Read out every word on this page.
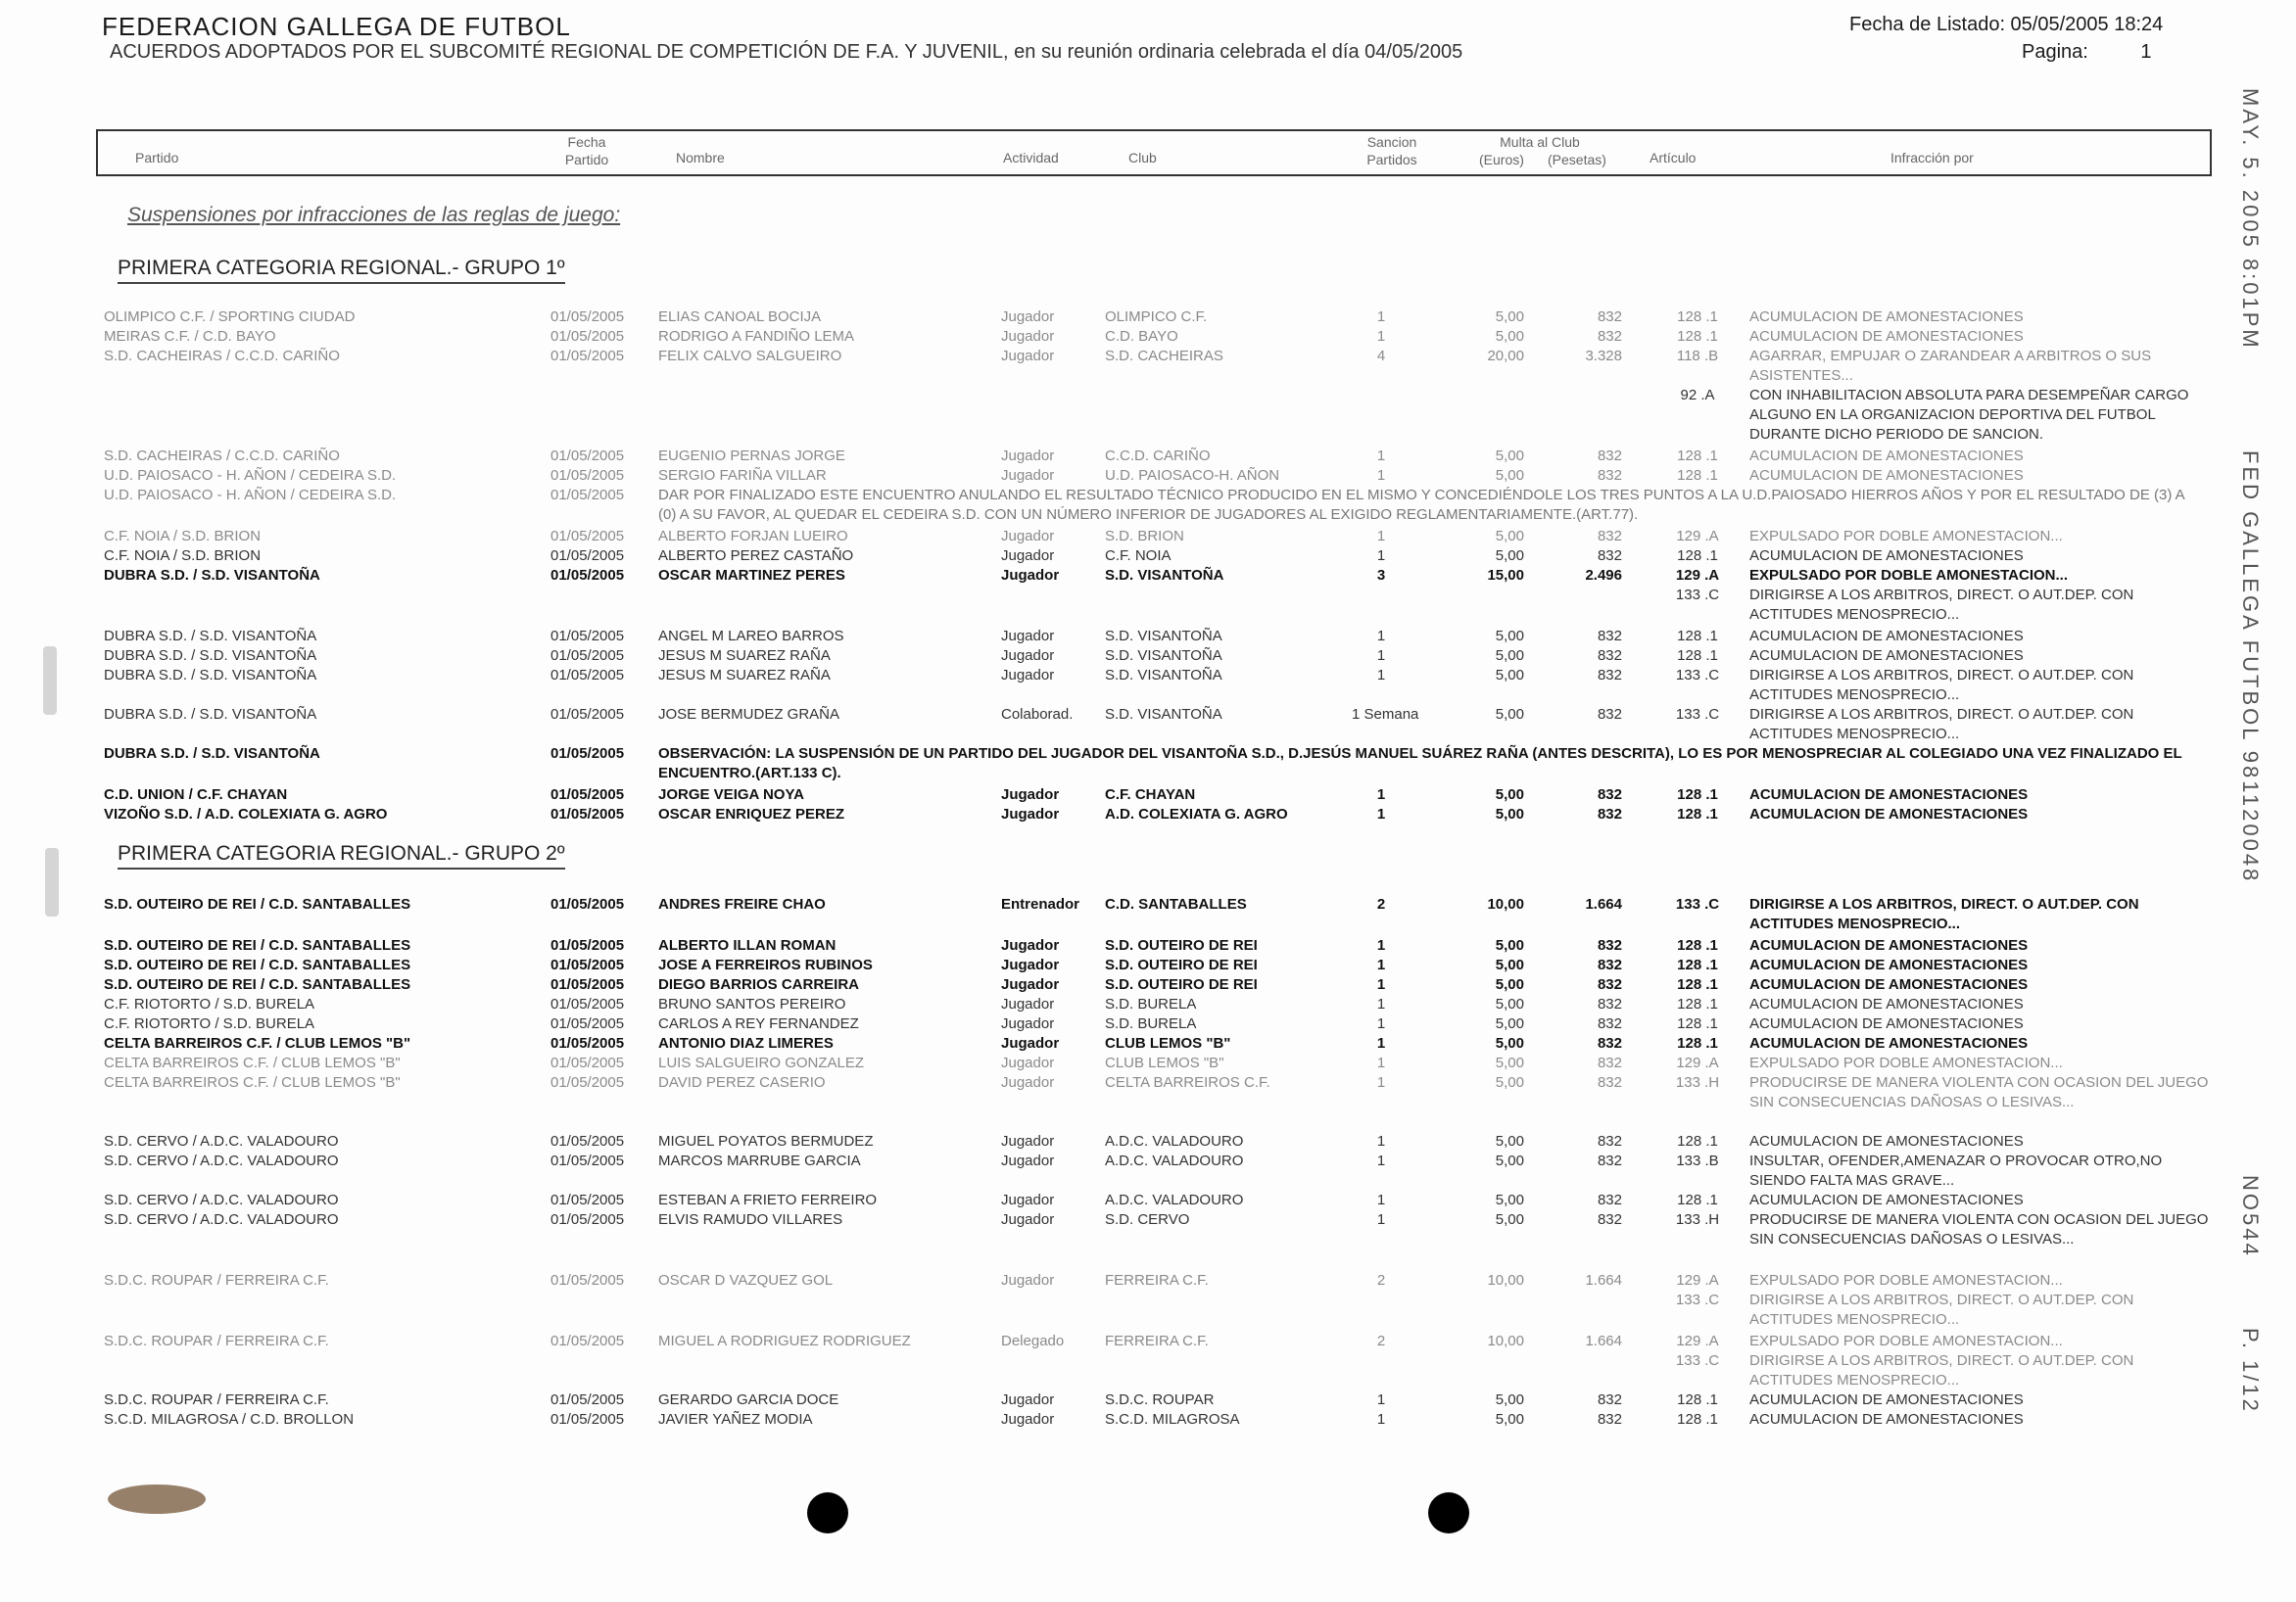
FEDERACION GALLEGA DE FUTBOL
ACUERDOS ADOPTADOS POR EL SUBCOMITÉ REGIONAL DE COMPETICIÓN DE F.A. Y JUVENIL, en su reunión ordinaria celebrada el día 04/05/2005
Fecha de Listado: 05/05/2005 18:24
Pagina:	1
Partido
Fecha Partido	Nombre	Actividad	Club
Sancion Partidos
Multa al Club
(Euros) (Pesetas)	Artículo	Infracción por
Suspensiones por infracciones de las reglas de juego:
PRIMERA CATEGORIA REGIONAL.- GRUPO 1º
OLIMPICO C.F. / SPORTING CIUDAD	01/05/2005 ELIAS CANOAL BOCIJA	Jugador	OLIMPICO C.F.	1	5,00	832	128 .1	ACUMULACION DE AMONESTACIONES
MEIRAS C.F. / C.D. BAYO	01/05/2005 RODRIGO A FANDIÑO LEMA	Jugador	C.D. BAYO	1	5,00	832	128 .1	ACUMULACION DE AMONESTACIONES
S.D. CACHEIRAS / C.C.D. CARIÑO	01/05/2005 FELIX CALVO SALGUEIRO	Jugador	S.D. CACHEIRAS	4	20,00	3.328	118 .B	AGARRAR, EMPUJAR O ZARANDEAR A ARBITROS O SUS ASISTENTES...
92 .A	CON INHABILITACION ABSOLUTA PARA DESEMPEÑAR CARGO ALGUNO EN LA ORGANIZACION DEPORTIVA DEL FUTBOL DURANTE DICHO PERIODO DE SANCION.
S.D. CACHEIRAS / C.C.D. CARIÑO	01/05/2005 EUGENIO PERNAS JORGE	Jugador	C.C.D. CARIÑO	1	5,00	832	128 .1	ACUMULACION DE AMONESTACIONES
U.D. PAIOSACO - H. AÑON / CEDEIRA S.D.	01/05/2005 SERGIO FARIÑA VILLAR	Jugador	U.D. PAIOSACO-H. AÑON	1	5,00	832	128 .1	ACUMULACION DE AMONESTACIONES
U.D. PAIOSACO - H. AÑON / CEDEIRA S.D.	01/05/2005 DAR POR FINALIZADO ESTE ENCUENTRO ANULANDO EL RESULTADO TÉCNICO PRODUCIDO EN EL MISMO Y CONCEDIÉNDOLE LOS TRES PUNTOS A LA U.D.PAIOSADO HIERROS AÑOS Y POR EL RESULTADO DE (3) A (0) A SU FAVOR, AL QUEDAR EL CEDEIRA S.D. CON UN NÚMERO INFERIOR DE JUGADORES AL EXIGIDO REGLAMENTARIAMENTE.(ART.77).
C.F. NOIA / S.D. BRION	01/05/2005 ALBERTO FORJAN LUEIRO	Jugador	S.D. BRION	1	5,00	832	129 .A	EXPULSADO POR DOBLE AMONESTACION...
C.F. NOIA / S.D. BRION	01/05/2005 ALBERTO PEREZ CASTAÑO	Jugador	C.F. NOIA	1	5,00	832	128 .1	ACUMULACION DE AMONESTACIONES
DUBRA S.D. / S.D. VISANTOÑA	01/05/2005 OSCAR MARTINEZ PERES	Jugador	S.D. VISANTOÑA	3	15,00	2.496	129 .A	EXPULSADO POR DOBLE AMONESTACION...
133 .C	DIRIGIRSE A LOS ARBITROS, DIRECT. O AUT.DEP. CON ACTITUDES MENOSPRECIO...
DUBRA S.D. / S.D. VISANTOÑA	01/05/2005 ANGEL M LAREO BARROS	Jugador	S.D. VISANTOÑA	1	5,00	832	128 .1	ACUMULACION DE AMONESTACIONES
DUBRA S.D. / S.D. VISANTOÑA	01/05/2005 JESUS M SUAREZ RAÑA	Jugador	S.D. VISANTOÑA	1	5,00	832	128 .1	ACUMULACION DE AMONESTACIONES
DUBRA S.D. / S.D. VISANTOÑA	01/05/2005 JESUS M SUAREZ RAÑA	Jugador	S.D. VISANTOÑA	1	5,00	832	133 .C	DIRIGIRSE A LOS ARBITROS, DIRECT. O AUT.DEP. CON ACTITUDES MENOSPRECIO...
DUBRA S.D. / S.D. VISANTOÑA	01/05/2005 JOSE BERMUDEZ GRAÑA	Colaborad. S.D. VISANTOÑA	1 Semana	5,00	832	133 .C	DIRIGIRSE A LOS ARBITROS, DIRECT. O AUT.DEP. CON ACTITUDES MENOSPRECIO...
DUBRA S.D. / S.D. VISANTOÑA	01/05/2005 OBSERVACIÓN: LA SUSPENSIÓN DE UN PARTIDO DEL JUGADOR DEL VISANTOÑA S.D., D.JESÚS MANUEL SUÁREZ RAÑA (ANTES DESCRITA), LO ES POR MENOSPRECIAR AL COLEGIADO UNA VEZ FINALIZADO EL ENCUENTRO.(ART.133 C).
C.D. UNION / C.F. CHAYAN	01/05/2005 JORGE VEIGA NOYA	Jugador	C.F. CHAYAN	1	5,00	832	128 .1	ACUMULACION DE AMONESTACIONES
VIZOÑO S.D. / A.D. COLEXIATA G. AGRO	01/05/2005 OSCAR ENRIQUEZ PEREZ	Jugador	A.D. COLEXIATA G. AGRO	1	5,00	832	128 .1	ACUMULACION DE AMONESTACIONES
PRIMERA CATEGORIA REGIONAL.- GRUPO 2º
S.D. OUTEIRO DE REI / C.D. SANTABALLES	01/05/2005 ANDRES FREIRE CHAO	Entrenador C.D. SANTABALLES	2	10,00	1.664	133 .C	DIRIGIRSE A LOS ARBITROS, DIRECT. O AUT.DEP. CON ACTITUDES MENOSPRECIO...
S.D. OUTEIRO DE REI / C.D. SANTABALLES	01/05/2005 ALBERTO ILLAN ROMAN	Jugador	S.D. OUTEIRO DE REI	1	5,00	832	128 .1	ACUMULACION DE AMONESTACIONES
S.D. OUTEIRO DE REI / C.D. SANTABALLES	01/05/2005 JOSE A FERREIROS RUBINOS	Jugador	S.D. OUTEIRO DE REI	1	5,00	832	128 .1	ACUMULACION DE AMONESTACIONES
S.D. OUTEIRO DE REI / C.D. SANTABALLES	01/05/2005 DIEGO BARRIOS CARREIRA	Jugador	S.D. OUTEIRO DE REI	1	5,00	832	128 .1	ACUMULACION DE AMONESTACIONES
C.F. RIOTORTO / S.D. BURELA	01/05/2005 BRUNO SANTOS PEREIRO	Jugador	S.D. BURELA	1	5,00	832	128 .1	ACUMULACION DE AMONESTACIONES
C.F. RIOTORTO / S.D. BURELA	01/05/2005 CARLOS A REY FERNANDEZ	Jugador	S.D. BURELA	1	5,00	832	128 .1	ACUMULACION DE AMONESTACIONES
CELTA BARREIROS C.F. / CLUB LEMOS "B"	01/05/2005 ANTONIO DIAZ LIMERES	Jugador	CLUB LEMOS "B"	1	5,00	832	128 .1	ACUMULACION DE AMONESTACIONES
CELTA BARREIROS C.F. / CLUB LEMOS "B"	01/05/2005 LUIS SALGUEIRO GONZALEZ	Jugador	CLUB LEMOS "B"	1	5,00	832	129 .A	EXPULSADO POR DOBLE AMONESTACION...
CELTA BARREIROS C.F. / CLUB LEMOS "B"	01/05/2005 DAVID PEREZ CASERIO	Jugador	CELTA BARREIROS C.F.	1	5,00	832	133 .H	PRODUCIRSE DE MANERA VIOLENTA CON OCASION DEL JUEGO SIN CONSECUENCIAS DAÑOSAS O LESIVAS...
S.D. CERVO / A.D.C. VALADOURO	01/05/2005 MIGUEL POYATOS BERMUDEZ	Jugador	A.D.C. VALADOURO	1	5,00	832	128 .1	ACUMULACION DE AMONESTACIONES
S.D. CERVO / A.D.C. VALADOURO	01/05/2005 MARCOS MARRUBE GARCIA	Jugador	A.D.C. VALADOURO	1	5,00	832	133 .B	INSULTAR, OFENDER,AMENAZAR O PROVOCAR OTRO,NO SIENDO FALTA MAS GRAVE...
S.D. CERVO / A.D.C. VALADOURO	01/05/2005 ESTEBAN A FRIETO FERREIRO	Jugador	A.D.C. VALADOURO	1	5,00	832	128 .1	ACUMULACION DE AMONESTACIONES
S.D. CERVO / A.D.C. VALADOURO	01/05/2005 ELVIS RAMUDO VILLARES	Jugador	S.D. CERVO	1	5,00	832	133 .H	PRODUCIRSE DE MANERA VIOLENTA CON OCASION DEL JUEGO SIN CONSECUENCIAS DAÑOSAS O LESIVAS...
S.D.C. ROUPAR / FERREIRA C.F.	01/05/2005 OSCAR D VAZQUEZ GOL	Jugador	FERREIRA C.F.	2	10,00	1.664	129 .A	EXPULSADO POR DOBLE AMONESTACION...
133 .C	DIRIGIRSE A LOS ARBITROS, DIRECT. O AUT.DEP. CON ACTITUDES MENOSPRECIO...
S.D.C. ROUPAR / FERREIRA C.F.	01/05/2005 MIGUEL A RODRIGUEZ RODRIGUEZ	Delegado	FERREIRA C.F.	2	10,00	1.664	129 .A	EXPULSADO POR DOBLE AMONESTACION...
133 .C	DIRIGIRSE A LOS ARBITROS, DIRECT. O AUT.DEP. CON ACTITUDES MENOSPRECIO...
S.D.C. ROUPAR / FERREIRA C.F.	01/05/2005 GERARDO GARCIA DOCE	Jugador	S.D.C. ROUPAR	1	5,00	832	128 .1	ACUMULACION DE AMONESTACIONES
S.C.D. MILAGROSA / C.D. BROLLON	01/05/2005 JAVIER YAÑEZ MODIA	Jugador	S.C.D. MILAGROSA	1	5,00	832	128 .1	ACUMULACION DE AMONESTACIONES
MAY. 5. 2005 8:01PM
FED GALLEGA FUTBOL 981120048
NO544
P. 1/12
